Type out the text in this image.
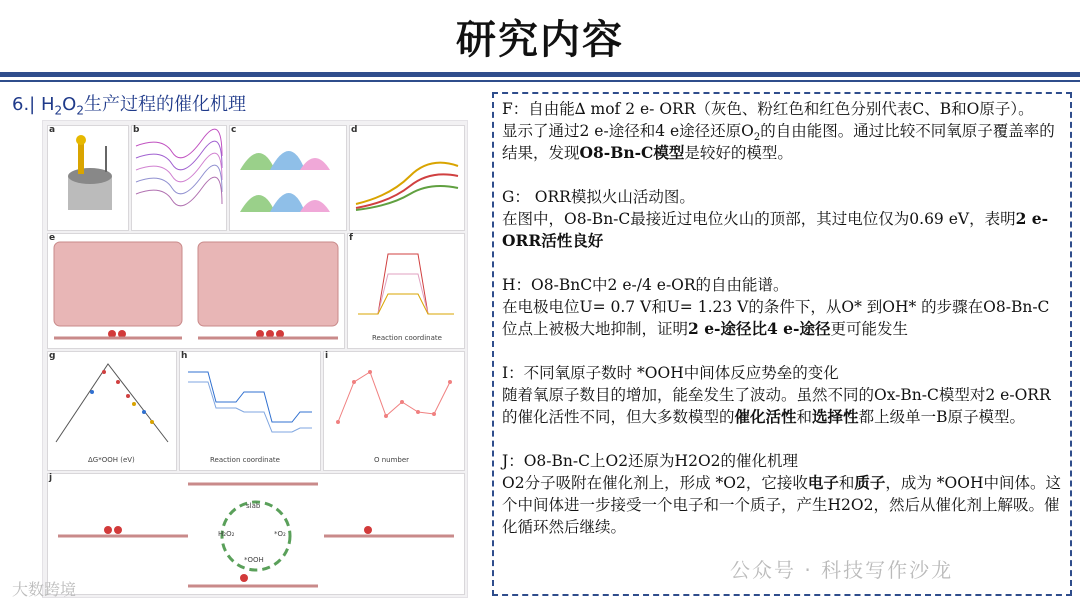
研究内容
6.| $H_2O_2$生产过程的催化机理
Reaction coordinate
ΔG*OOH (eV)	Reaction coordinate	O number
slab
H₂O₂	*O₂
*OOH
a	b	c	d
e	f
g	h	i
j

F：自由能∆ mof 2 e- ORR（灰色、粉红色和红色分别代表C、B和O原子）。
显示了通过2 e-途径和4 e途径还原$O_2$的自由能图。通过比较不同氧原子覆盖率的结果，发现O8-Bn-C模型是较好的模型。

G： ORR模拟火山活动图。
在图中，O8-Bn-C最接近过电位火山的顶部，其过电位仅为0.69 eV，表明2 e-ORR活性良好

H：O8-BnC中2 e-/4 e-OR的自由能谱。
在电极电位U= 0.7 V和U= 1.23 V的条件下，从O* 到OH* 的步骤在O8-Bn-C位点上被极大地抑制，证明2 e-途径比4 e-途径更可能发生

I：不同氧原子数时 *OOH中间体反应势垒的变化
随着氧原子数目的增加，能垒发生了波动。虽然不同的Ox-Bn-C模型对2 e-ORR的催化活性不同，但大多数模型的催化活性和选择性都上级单一B原子模型。

J：O8-Bn-C上O2还原为H2O2的催化机理
O2分子吸附在催化剂上，形成 *O2，它接收电子和质子，成为 *OOH中间体。这个中间体进一步接受一个电子和一个质子，产生H2O2，然后从催化剂上解吸。催化循环然后继续。

大数跨境
公众号 · 科技写作沙龙
